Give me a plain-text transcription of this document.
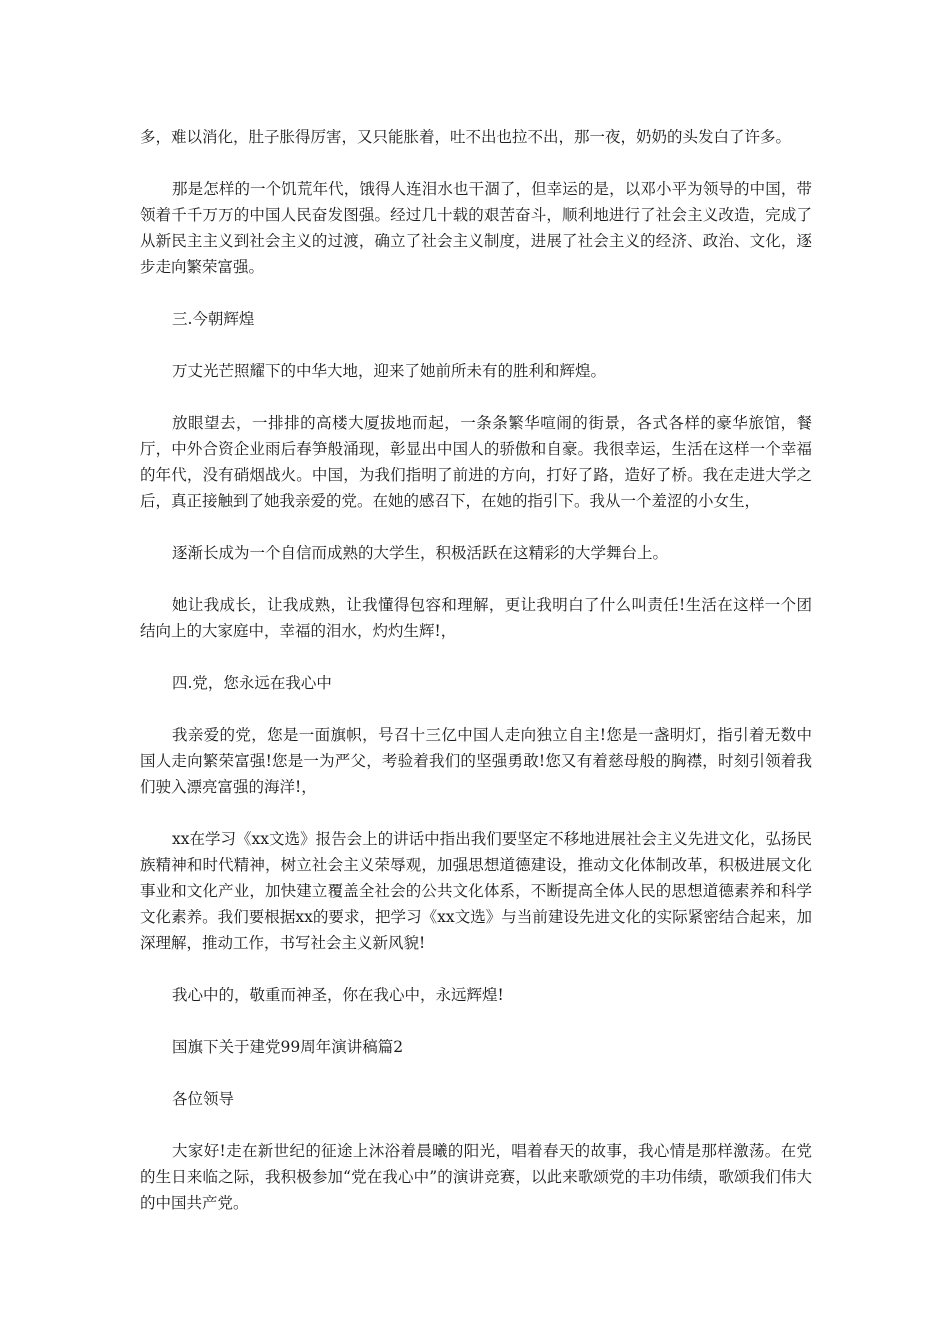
多，难以消化，肚子胀得厉害，又只能胀着，吐不出也拉不出，那一夜，奶奶的头发白了许多。

那是怎样的一个饥荒年代，饿得人连泪水也干涸了，但幸运的是，以邓小平为领导的中国，带领着千千万万的中国人民奋发图强。经过几十载的艰苦奋斗，顺利地进行了社会主义改造，完成了从新民主主义到社会主义的过渡，确立了社会主义制度，进展了社会主义的经济、政治、文化，逐步走向繁荣富强。

三.今朝辉煌

万丈光芒照耀下的中华大地，迎来了她前所未有的胜利和辉煌。

放眼望去，一排排的高楼大厦拔地而起，一条条繁华喧闹的街景，各式各样的豪华旅馆，餐厅，中外合资企业雨后春笋般涌现，彰显出中国人的骄傲和自豪。我很幸运，生活在这样一个幸福的年代，没有硝烟战火。中国，为我们指明了前进的方向，打好了路，造好了桥。我在走进大学之后，真正接触到了她我亲爱的党。在她的感召下，在她的指引下。我从一个羞涩的小女生，

逐渐长成为一个自信而成熟的大学生，积极活跃在这精彩的大学舞台上。

她让我成长，让我成熟，让我懂得包容和理解，更让我明白了什么叫责任!生活在这样一个团结向上的大家庭中，幸福的泪水，灼灼生辉!，

四.党，您永远在我心中

我亲爱的党，您是一面旗帜，号召十三亿中国人走向独立自主!您是一盏明灯，指引着无数中国人走向繁荣富强!您是一为严父，考验着我们的坚强勇敢!您又有着慈母般的胸襟，时刻引领着我们驶入漂亮富强的海洋!，

xx在学习《xx文选》报告会上的讲话中指出我们要坚定不移地进展社会主义先进文化，弘扬民族精神和时代精神，树立社会主义荣辱观，加强思想道德建设，推动文化体制改革，积极进展文化事业和文化产业，加快建立覆盖全社会的公共文化体系，不断提高全体人民的思想道德素养和科学文化素养。我们要根据xx的要求，把学习《xx文选》与当前建设先进文化的实际紧密结合起来，加深理解，推动工作，书写社会主义新风貌!

我心中的，敬重而神圣，你在我心中，永远辉煌!

国旗下关于建党99周年演讲稿篇2

各位领导

大家好!走在新世纪的征途上沐浴着晨曦的阳光，唱着春天的故事，我心情是那样激荡。在党的生日来临之际，我积极参加“党在我心中”的演讲竞赛，以此来歌颂党的丰功伟绩，歌颂我们伟大的中国共产党。
